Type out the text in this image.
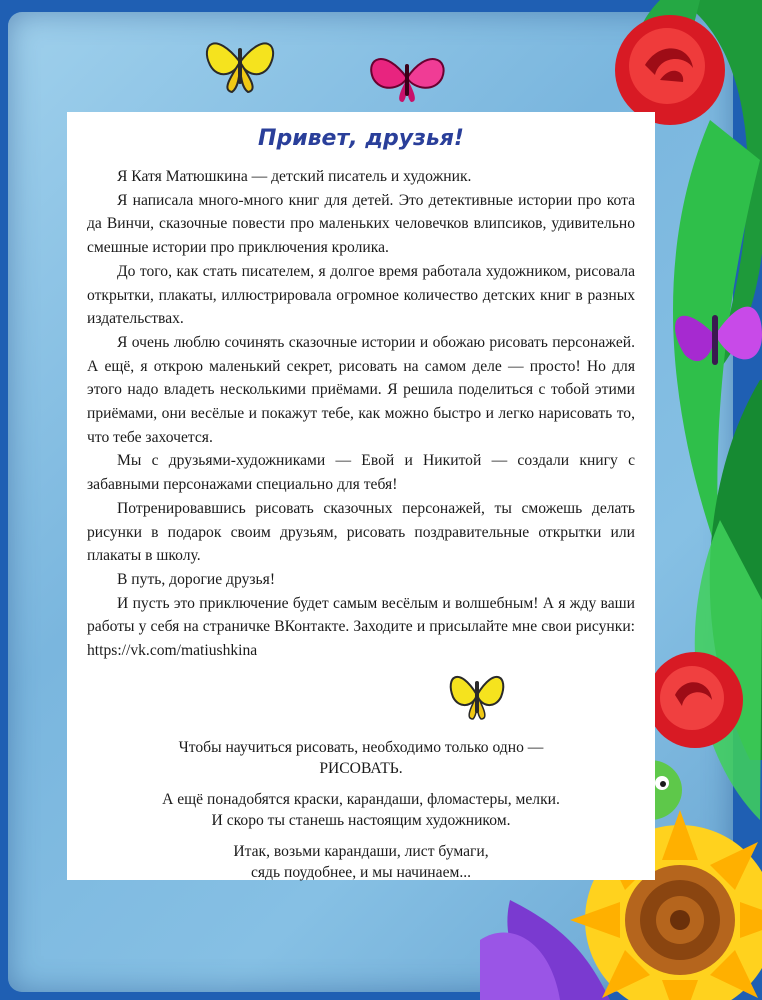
Привет, друзья!

Я Катя Матюшкина — детский писатель и художник.

Я написала много-много книг для детей. Это детективные истории про кота да Винчи, сказочные повести про маленьких человечков влипсиков, удивительно смешные истории про приключения кролика.

До того, как стать писателем, я долгое время работала художником, рисовала открытки, плакаты, иллюстрировала огромное количество детских книг в разных издательствах.

Я очень люблю сочинять сказочные истории и обожаю рисовать персонажей. А ещё, я открою маленький секрет, рисовать на самом деле — просто! Но для этого надо владеть несколькими приёмами. Я решила поделиться с тобой этими приёмами, они весёлые и покажут тебе, как можно быстро и легко нарисовать то, что тебе захочется.

Мы с друзьями-художниками — Евой и Никитой — создали книгу с забавными персонажами специально для тебя!

Потренировавшись рисовать сказочных персонажей, ты сможешь делать рисунки в подарок своим друзьям, рисовать поздравительные открытки или плакаты в школу.

В путь, дорогие друзья!

И пусть это приключение будет самым весёлым и волшебным! А я жду ваши работы у себя на страничке ВКонтакте. Заходите и присылайте мне свои рисунки: https://vk.com/matiushkina

Чтобы научиться рисовать, необходимо только одно —
РИСОВАТЬ.

А ещё понадобятся краски, карандаши, фломастеры, мелки.
И скоро ты станешь настоящим художником.

Итак, возьми карандаши, лист бумаги,
сядь поудобнее, и мы начинаем...
